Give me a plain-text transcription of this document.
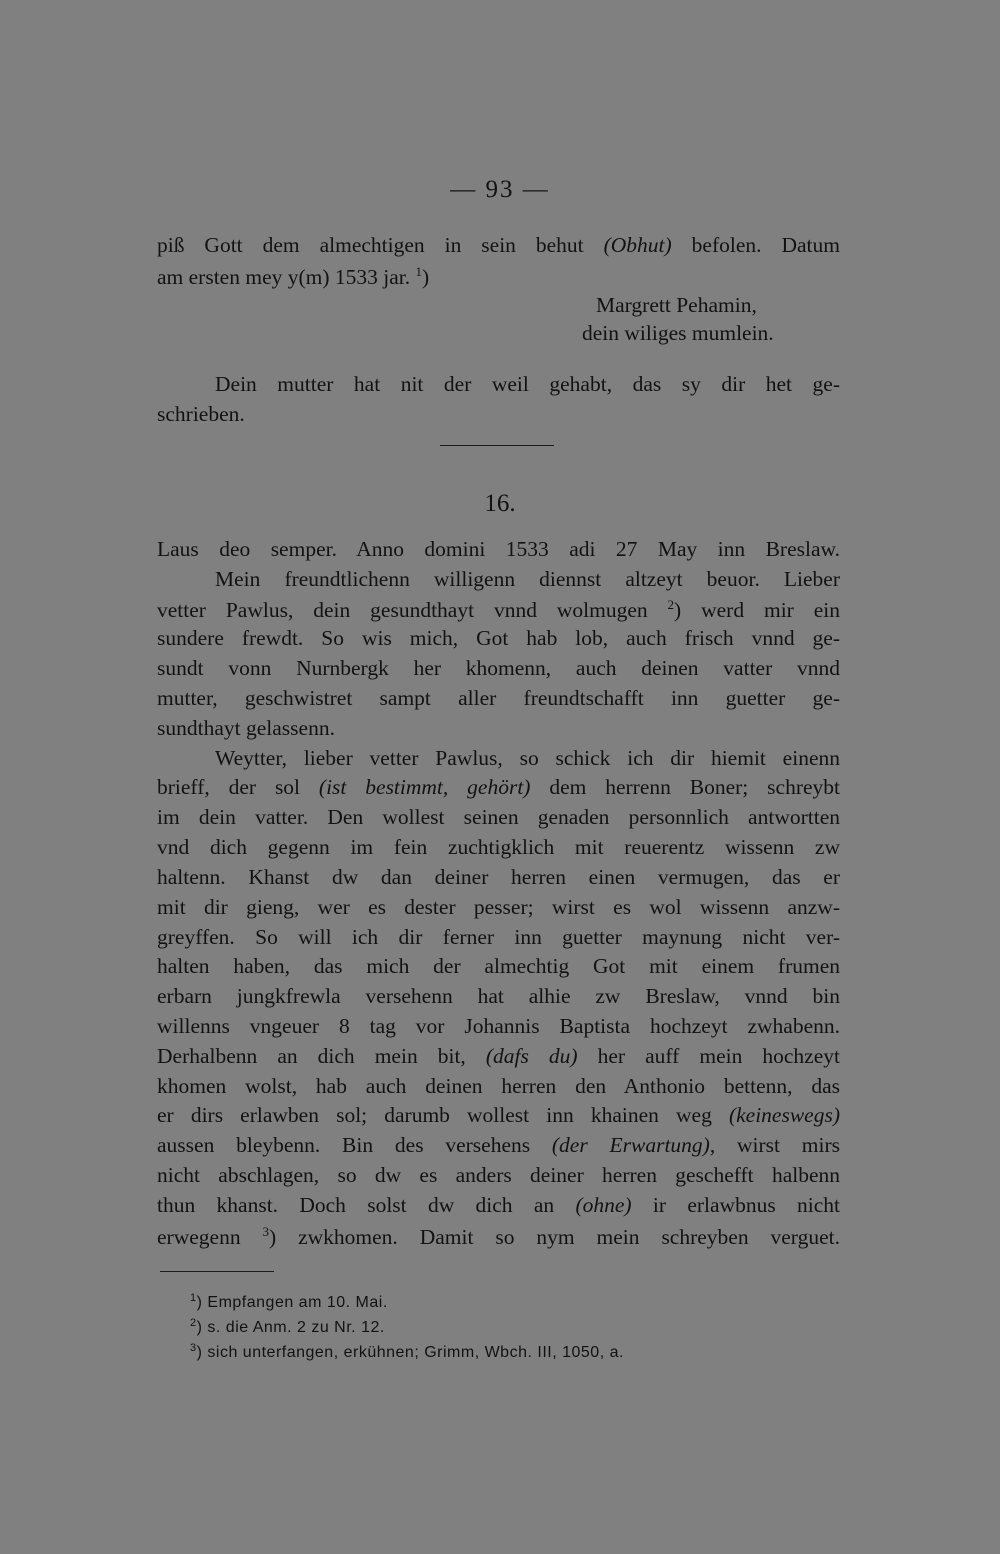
— 93 —
piß Gott dem almechtigen in sein behut (Obhut) befolen. Datum
am ersten mey y(m) 1533 jar. $^1$)
Margrett Pehamin,
dein wiliges mumlein.
Dein mutter hat nit der weil gehabt, das sy dir het ge-
schrieben.
16.
Laus deo semper. Anno domini 1533 adi 27 May inn Breslaw.
Mein freundtlichenn willigenn diennst altzeyt beuor. Lieber
vetter Pawlus, dein gesundthayt vnnd wolmugen $^2$) werd mir ein
sundere frewdt. So wis mich, Got hab lob, auch frisch vnnd ge-
sundt vonn Nurnbergk her khomenn, auch deinen vatter vnnd
mutter, geschwistret sampt aller freundtschafft inn guetter ge-
sundthayt gelassenn.
Weytter, lieber vetter Pawlus, so schick ich dir hiemit einenn
brieff, der sol (ist bestimmt, gehört) dem herrenn Boner; schreybt
im dein vatter. Den wollest seinen genaden personnlich antwortten
vnd dich gegenn im fein zuchtigklich mit reuerentz wissenn zw
haltenn. Khanst dw dan deiner herren einen vermugen, das er
mit dir gieng, wer es dester pesser; wirst es wol wissenn anzw-
greyffen. So will ich dir ferner inn guetter maynung nicht ver-
halten haben, das mich der almechtig Got mit einem frumen
erbarn jungkfrewla versehenn hat alhie zw Breslaw, vnnd bin
willenns vngeuer 8 tag vor Johannis Baptista hochzeyt zwhabenn.
Derhalbenn an dich mein bit, (dafs du) her auff mein hochzeyt
khomen wolst, hab auch deinen herren den Anthonio bettenn, das
er dirs erlawben sol; darumb wollest inn khainen weg (keineswegs)
aussen bleybenn. Bin des versehens (der Erwartung), wirst mirs
nicht abschlagen, so dw es anders deiner herren geschefft halbenn
thun khanst. Doch solst dw dich an (ohne) ir erlawbnus nicht
erwegenn $^3$) zwkhomen. Damit so nym mein schreyben verguet.
$^1$) Empfangen am 10. Mai.
$^2$) s. die Anm. 2 zu Nr. 12.
$^3$) sich unterfangen, erkühnen; Grimm, Wbch. III, 1050, a.
